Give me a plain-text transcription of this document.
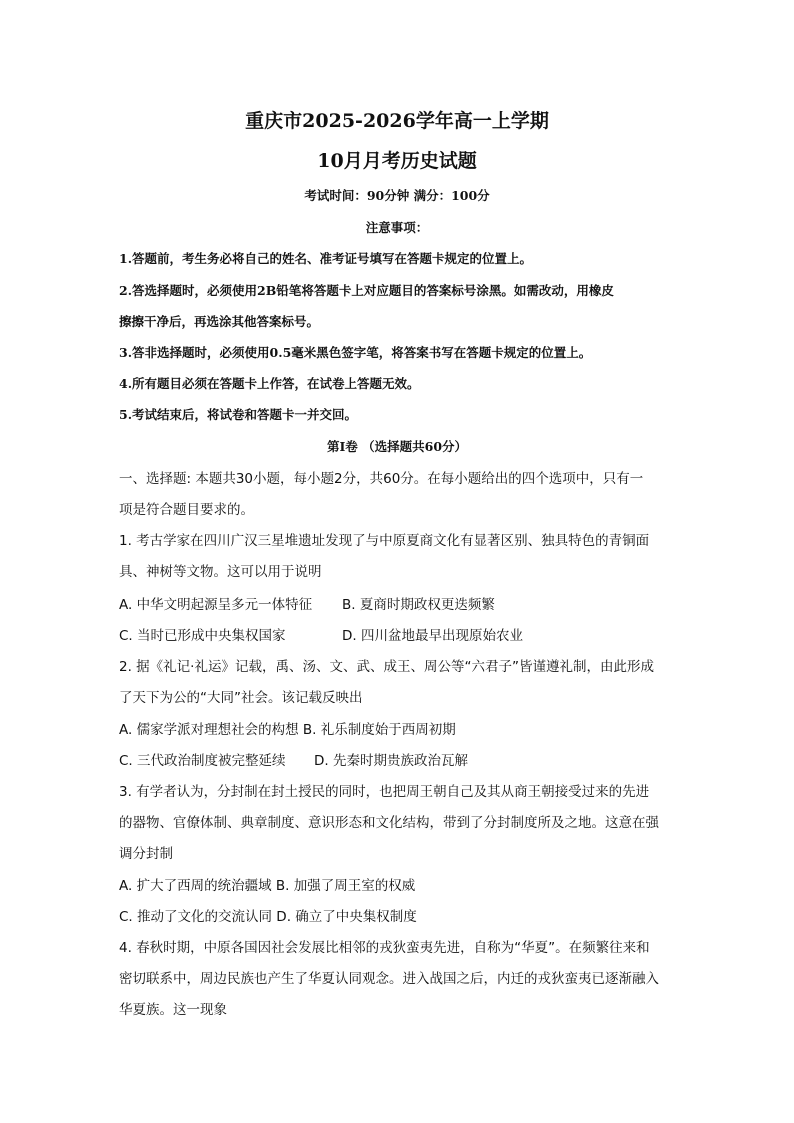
重庆市2025-2026学年高一上学期
10月月考历史试题
考试时间：90分钟 满分：100分
注意事项：
1.答题前，考生务必将自己的姓名、准考证号填写在答题卡规定的位置上。
2.答选择题时，必须使用2B铅笔将答题卡上对应题目的答案标号涂黑。如需改动，用橡皮
擦擦干净后，再选涂其他答案标号。
3.答非选择题时，必须使用0.5毫米黑色签字笔，将答案书写在答题卡规定的位置上。
4.所有题目必须在答题卡上作答，在试卷上答题无效。
5.考试结束后，将试卷和答题卡一并交回。
第Ⅰ卷 （选择题共60分）
一、选择题: 本题共30小题，每小题2分，共60分。在每小题给出的四个选项中，只有一
项是符合题目要求的。
1. 考古学家在四川广汉三星堆遗址发现了与中原夏商文化有显著区别、独具特色的青铜面
具、神树等文物。这可以用于说明
A. 中华文明起源呈多元一体特征 B. 夏商时期政权更迭频繁
C. 当时已形成中央集权国家	D. 四川盆地最早出现原始农业
2. 据《礼记·礼运》记载，禹、汤、文、武、成王、周公等“六君子”皆谨遵礼制，由此形成
了天下为公的“大同”社会。该记载反映出
A. 儒家学派对理想社会的构想 B. 礼乐制度始于西周初期
C. 三代政治制度被完整延续 D. 先秦时期贵族政治瓦解
3. 有学者认为，分封制在封土授民的同时，也把周王朝自己及其从商王朝接受过来的先进
的器物、官僚体制、典章制度、意识形态和文化结构，带到了分封制度所及之地。这意在强
调分封制
A. 扩大了西周的统治疆域 B. 加强了周王室的权威
C. 推动了文化的交流认同 D. 确立了中央集权制度
4. 春秋时期，中原各国因社会发展比相邻的戎狄蛮夷先进，自称为“华夏”。在频繁往来和
密切联系中，周边民族也产生了华夏认同观念。进入战国之后，内迁的戎狄蛮夷已逐渐融入
华夏族。这一现象
